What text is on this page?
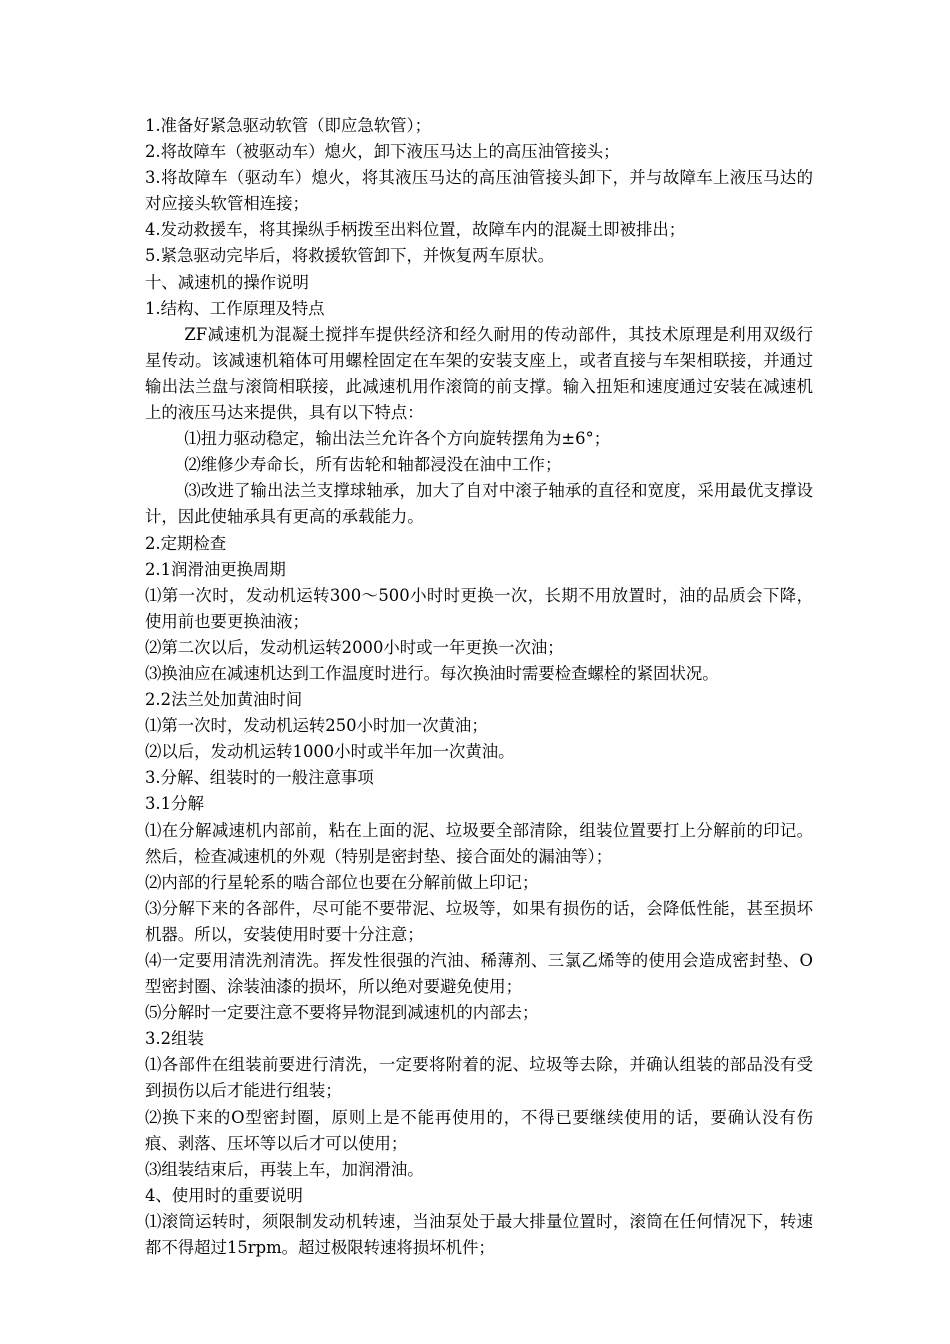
1.准备好紧急驱动软管（即应急软管）；

2.将故障车（被驱动车）熄火，卸下液压马达上的高压油管接头；

3.将故障车（驱动车）熄火，将其液压马达的高压油管接头卸下，并与故障车上液压马达的对应接头软管相连接；

4.发动救援车，将其操纵手柄拨至出料位置，故障车内的混凝土即被排出；

5.紧急驱动完毕后，将救援软管卸下，并恢复两车原状。

十、减速机的操作说明

1.结构、工作原理及特点

ZF减速机为混凝土搅拌车提供经济和经久耐用的传动部件，其技术原理是利用双级行星传动。该减速机箱体可用螺栓固定在车架的安装支座上，或者直接与车架相联接，并通过输出法兰盘与滚筒相联接，此减速机用作滚筒的前支撑。输入扭矩和速度通过安装在减速机上的液压马达来提供，具有以下特点：

⑴扭力驱动稳定，输出法兰允许各个方向旋转摆角为±6°；

⑵维修少寿命长，所有齿轮和轴都浸没在油中工作；

⑶改进了输出法兰支撑球轴承，加大了自对中滚子轴承的直径和宽度，采用最优支撑设计，因此使轴承具有更高的承载能力。

2.定期检查

2.1润滑油更换周期

⑴第一次时，发动机运转300～500小时时更换一次，长期不用放置时，油的品质会下降，使用前也要更换油液；

⑵第二次以后，发动机运转2000小时或一年更换一次油；

⑶换油应在减速机达到工作温度时进行。每次换油时需要检查螺栓的紧固状况。

2.2法兰处加黄油时间

⑴第一次时，发动机运转250小时加一次黄油；

⑵以后，发动机运转1000小时或半年加一次黄油。

3.分解、组装时的一般注意事项

3.1分解

⑴在分解减速机内部前，粘在上面的泥、垃圾要全部清除，组装位置要打上分解前的印记。然后，检查减速机的外观（特别是密封垫、接合面处的漏油等）；

⑵内部的行星轮系的啮合部位也要在分解前做上印记；

⑶分解下来的各部件，尽可能不要带泥、垃圾等，如果有损伤的话，会降低性能，甚至损坏机器。所以，安装使用时要十分注意；

⑷一定要用清洗剂清洗。挥发性很强的汽油、稀薄剂、三氯乙烯等的使用会造成密封垫、O型密封圈、涂装油漆的损坏，所以绝对要避免使用；

⑸分解时一定要注意不要将异物混到减速机的内部去；

3.2组装

⑴各部件在组装前要进行清洗，一定要将附着的泥、垃圾等去除，并确认组装的部品没有受到损伤以后才能进行组装；

⑵换下来的O型密封圈，原则上是不能再使用的，不得已要继续使用的话，要确认没有伤痕、剥落、压坏等以后才可以使用；

⑶组装结束后，再装上车，加润滑油。

4、使用时的重要说明

⑴滚筒运转时，须限制发动机转速，当油泵处于最大排量位置时，滚筒在任何情况下，转速都不得超过15rpm。超过极限转速将损坏机件；
